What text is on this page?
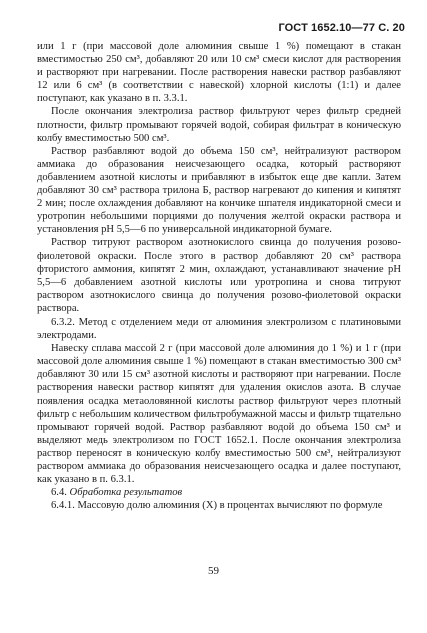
ГОСТ 1652.10—77 С. 20

или 1 г (при массовой доле алюминия свыше 1 %) помещают в стакан вместимостью 250 см³, добавляют 20 или 10 см³ смеси кислот для растворения и растворяют при нагревании. После растворения навески раствор разбавляют 12 или 6 см³ (в соответствии с навеской) хлорной кислоты (1:1) и далее поступают, как указано в п. 3.3.1.

После окончания электролиза раствор фильтруют через фильтр средней плотности, фильтр промывают горячей водой, собирая фильтрат в коническую колбу вместимостью 500 см³.

Раствор разбавляют водой до объема 150 см³, нейтрализуют раствором аммиака до образования неисчезающего осадка, который растворяют добавлением азотной кислоты и прибавляют в избыток еще две капли. Затем добавляют 30 см³ раствора трилона Б, раствор нагревают до кипения и кипятят 2 мин; после охлаждения добавляют на кончике шпателя индикаторной смеси и уротропин небольшими порциями до получения желтой окраски раствора и установления рН 5,5—6 по универсальной индикаторной бумаге.

Раствор титруют раствором азотнокислого свинца до получения розово-фиолетовой окраски. После этого в раствор добавляют 20 см³ раствора фтористого аммония, кипятят 2 мин, охлаждают, устанавливают значение рН 5,5—6 добавлением азотной кислоты или уротропина и снова титруют раствором азотнокислого свинца до получения розово-фиолетовой окраски раствора.

6.3.2. Метод с отделением меди от алюминия электролизом с платиновыми электродами.

Навеску сплава массой 2 г (при массовой доле алюминия до 1 %) и 1 г (при массовой доле алюминия свыше 1 %) помещают в стакан вместимостью 300 см³ добавляют 30 или 15 см³ азотной кислоты и растворяют при нагревании. После растворения навески раствор кипятят для удаления окислов азота. В случае появления осадка метаоловянной кислоты раствор фильтруют через плотный фильтр с небольшим количеством фильтробумажной массы и фильтр тщательно промывают горячей водой. Раствор разбавляют водой до объема 150 см³ и выделяют медь электролизом по ГОСТ 1652.1. После окончания электролиза раствор переносят в коническую колбу вместимостью 500 см³, нейтрализуют раствором аммиака до образования неисчезающего осадка и далее поступают, как указано в п. 6.3.1.

6.4. Обработка результатов

6.4.1. Массовую долю алюминия (X) в процентах вычисляют по формуле

59
